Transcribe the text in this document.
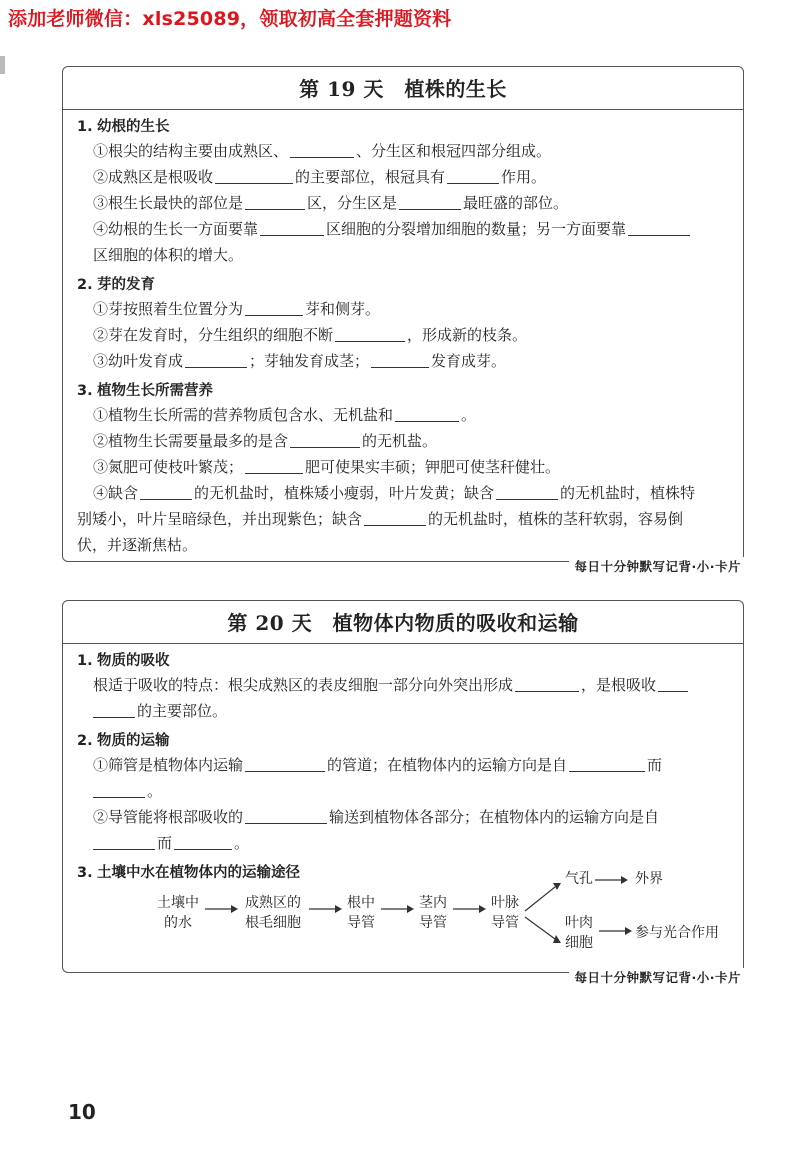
添加老师微信：xls25089，领取初高全套押题资料
第 19 天　植株的生长
1. 幼根的生长
①根尖的结构主要由成熟区、	、分生区和根冠四部分组成。
②成熟区是根吸收	的主要部位，根冠具有	作用。
③根生长最快的部位是	区，分生区是	最旺盛的部位。
④幼根的生长一方面要靠	区细胞的分裂增加细胞的数量；另一方面要靠
区细胞的体积的增大。
2. 芽的发育
①芽按照着生位置分为	芽和侧芽。
②芽在发育时，分生组织的细胞不断	，形成新的枝条。
③幼叶发育成	；芽轴发育成茎；	发育成芽。
3. 植物生长所需营养
①植物生长所需的营养物质包含水、无机盐和	。
②植物生长需要量最多的是含	的无机盐。
③氮肥可使枝叶繁茂；	肥可使果实丰硕；钾肥可使茎秆健壮。
④缺含	的无机盐时，植株矮小瘦弱，叶片发黄；缺含	的无机盐时，植株特
别矮小，叶片呈暗绿色，并出现紫色；缺含	的无机盐时，植株的茎秆软弱，容易倒
伏，并逐渐焦枯。
每日十分钟默写记背·小·卡片
第 20 天　植物体内物质的吸收和运输
1. 物质的吸收
根适于吸收的特点：根尖成熟区的表皮细胞一部分向外突出形成	，是根吸收
的主要部位。
2. 物质的运输
①筛管是植物体内运输	的管道；在植物体内的运输方向是自	而
。
②导管能将根部吸收的	输送到植物体各部分；在植物体内的运输方向是自
而	。
3. 土壤中水在植物体内的运输途径
土壤中
的水
成熟区的
根毛细胞
根中
导管
茎内
导管
叶脉
导管
气孔	外界
叶肉
细胞
参与光合作用
每日十分钟默写记背·小·卡片
10
